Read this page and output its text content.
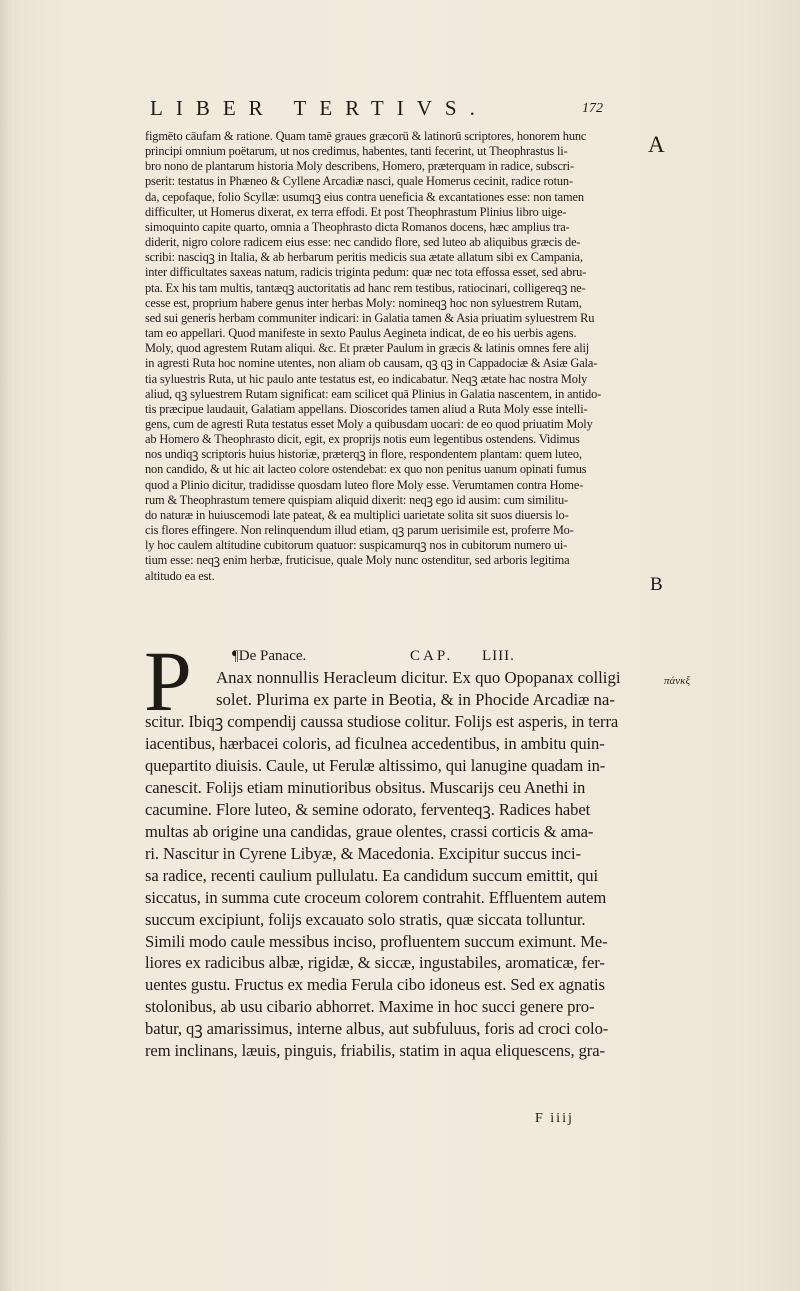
LIBER TERTIVS.	172
figmēto cāufam & ratione. Quam tamē graues græcorū & latinorū scriptores, honorem hunc
principi omnium poëtarum, ut nos credimus, habentes, tanti fecerint, ut Theophrastus li-
bro nono de plantarum historia Moly describens, Homero, præterquam in radice, subscri-
pserit: testatus in Phæneo & Cyllene Arcadiæ nasci, quale Homerus cecinit, radice rotun-
da, cepofaque, folio Scyllæ: usumqꝫ eius contra ueneficia & excantationes esse: non tamen
difficulter, ut Homerus dixerat, ex terra effodi. Et post Theophrastum Plinius libro uige-
simoquinto capite quarto, omnia a Theophrasto dicta Romanos docens, hæc amplius tra-
diderit, nigro colore radicem eius esse: nec candido flore, sed luteo ab aliquibus græcis de-
scribi: nasciqꝫ in Italia, & ab herbarum peritis medicis sua ætate allatum sibi ex Campania,
inter difficultates saxeas natum, radicis triginta pedum: quæ nec tota effossa esset, sed abru-
pta. Ex his tam multis, tantæqꝫ auctoritatis ad hanc rem testibus, ratiocinari, colligereqꝫ ne-
cesse est, proprium habere genus inter herbas Moly: nomineqꝫ hoc non syluestrem Rutam,
sed sui generis herbam communiter indicari: in Galatia tamen & Asia priuatim syluestrem Ru
tam eo appellari. Quod manifeste in sexto Paulus Aegineta indicat, de eo his uerbis agens.
Moly, quod agrestem Rutam aliqui. &c. Et præter Paulum in græcis & latinis omnes fere alij
in agresti Ruta hoc nomine utentes, non aliam ob causam, qꝫ qꝫ in Cappadociæ & Asiæ Gala-
tia syluestris Ruta, ut hic paulo ante testatus est, eo indicabatur. Neqꝫ ætate hac nostra Moly
aliud, qꝫ syluestrem Rutam significat: eam scilicet quā Plinius in Galatia nascentem, in antido-
tis præcipue laudauit, Galatiam appellans. Dioscorides tamen aliud a Ruta Moly esse intelli-
gens, cum de agresti Ruta testatus esset Moly a quibusdam uocari: de eo quod priuatim Moly
ab Homero & Theophrasto dicit, egit, ex proprijs notis eum legentibus ostendens. Vidimus
nos undiqꝫ scriptoris huius historiæ, præterqꝫ in flore, respondentem plantam: quem luteo,
non candido, & ut hic ait lacteo colore ostendebat: ex quo non penitus uanum opinati fumus
quod a Plinio dicitur, tradidisse quosdam luteo flore Moly esse. Verumtamen contra Home-
rum & Theophrastum temere quispiam aliquid dixerit: neqꝫ ego id ausim: cum similitu-
do naturæ in huiuscemodi late pateat, & ea multiplici uarietate solita sit suos diuersis lo-
cis flores effingere. Non relinquendum illud etiam, qꝫ parum uerisimile est, proferre Mo-
ly hoc caulem altitudine cubitorum quatuor: suspicamurqꝫ nos in cubitorum numero ui-
tium esse: neqꝫ enim herbæ, fruticisue, quale Moly nunc ostenditur, sed arboris legitima
altitudo ea est.
P	¶De Panace.	CAP. LIII.
Anax nonnullis Heracleum dicitur. Ex quo Opopanax colligi
solet. Plurima ex parte in Beotia, & in Phocide Arcadiæ na-
scitur. Ibiqꝫ compendij caussa studiose colitur. Folijs est asperis, in terra
iacentibus, hærbacei coloris, ad ficulnea accedentibus, in ambitu quin-
quepartito diuisis. Caule, ut Ferulæ altissimo, qui lanugine quadam in-
canescit. Folijs etiam minutioribus obsitus. Muscarijs ceu Anethi in
cacumine. Flore luteo, & semine odorato, ferventeqꝫ. Radices habet
multas ab origine una candidas, graue olentes, crassi corticis & ama-
ri. Nascitur in Cyrene Libyæ, & Macedonia. Excipitur succus inci-
sa radice, recenti caulium pullulatu. Ea candidum succum emittit, qui
siccatus, in summa cute croceum colorem contrahit. Effluentem autem
succum excipiunt, folijs excauato solo stratis, quæ siccata tolluntur.
Simili modo caule messibus inciso, profluentem succum eximunt. Me-
liores ex radicibus albæ, rigidæ, & siccæ, ingustabiles, aromaticæ, fer-
uentes gustu. Fructus ex media Ferula cibo idoneus est. Sed ex agnatis
stolonibus, ab usu cibario abhorret. Maxime in hoc succi genere pro-
batur, qꝫ amarissimus, interne albus, aut subfuluus, foris ad croci colo-
rem inclinans, læuis, pinguis, friabilis, statim in aqua eliquescens, gra-
F iiij
A
B
πάνκξ
